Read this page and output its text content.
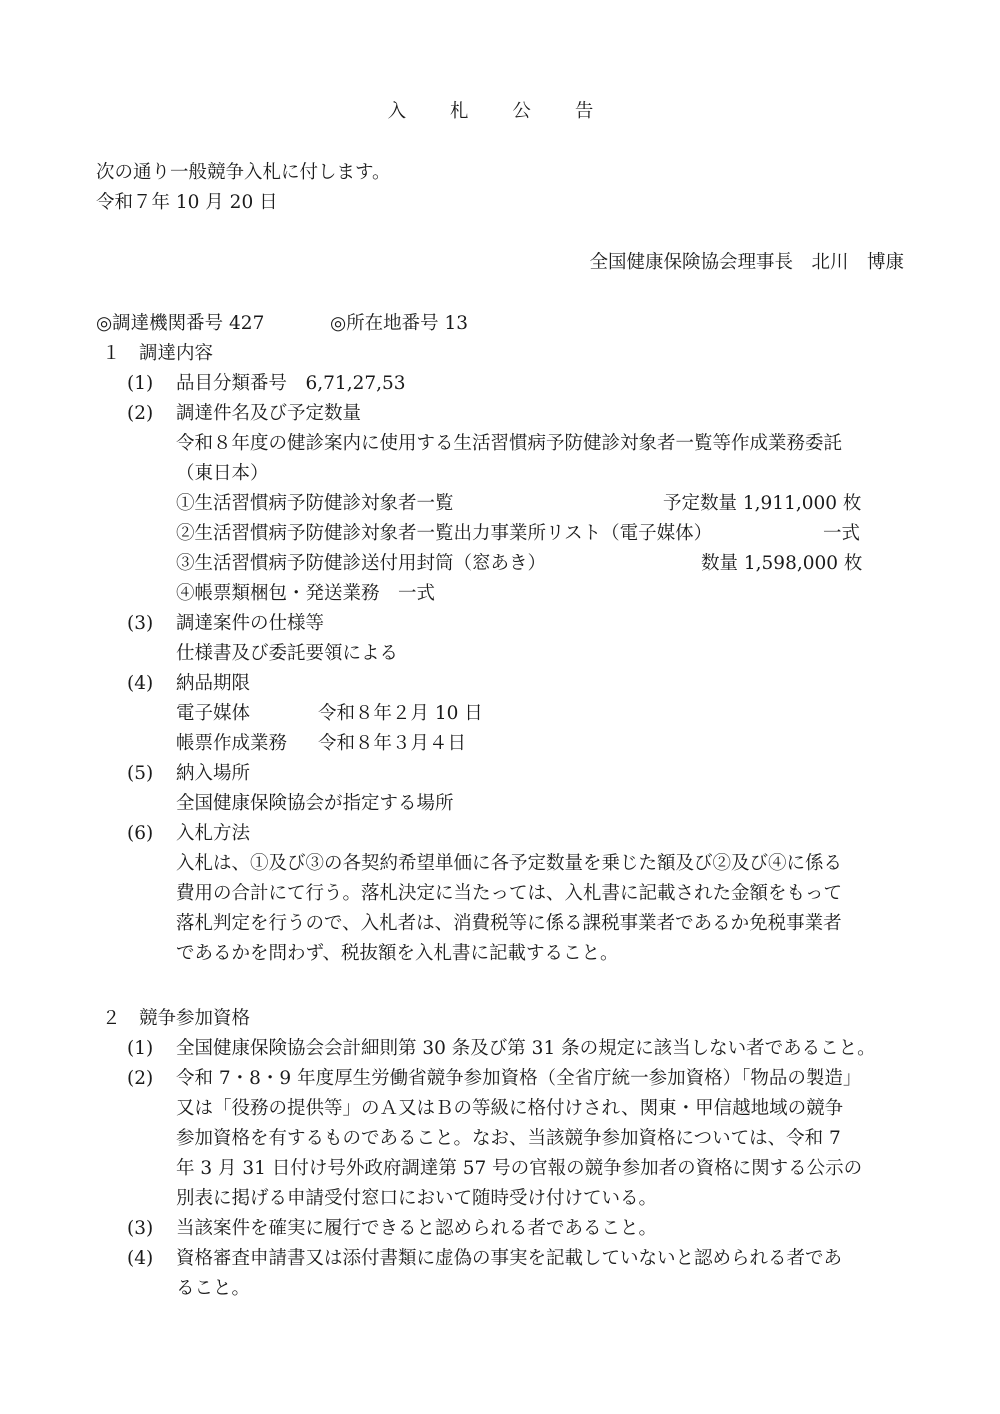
入 札 公 告
次の通り一般競争入札に付します。
令和７年 10 月 20 日
全国健康保険協会理事長　北川　博康
◎調達機関番号 427	◎所在地番号 13
１　調達内容
(1) 品目分類番号　6,71,27,53
(2) 調達件名及び予定数量
令和８年度の健診案内に使用する生活習慣病予防健診対象者一覧等作成業務委託
（東日本）
①生活習慣病予防健診対象者一覧	予定数量 1,911,000 枚
②生活習慣病予防健診対象者一覧出力事業所リスト（電子媒体）	一式
③生活習慣病予防健診送付用封筒（窓あき）	数量 1,598,000 枚
④帳票類梱包・発送業務　一式
(3) 調達案件の仕様等
仕様書及び委託要領による
(4) 納品期限
電子媒体	令和８年２月 10 日
帳票作成業務 令和８年３月４日
(5) 納入場所
全国健康保険協会が指定する場所
(6) 入札方法
入札は、①及び③の各契約希望単価に各予定数量を乗じた額及び②及び④に係る
費用の合計にて行う。落札決定に当たっては、入札書に記載された金額をもって
落札判定を行うので、入札者は、消費税等に係る課税事業者であるか免税事業者
であるかを問わず、税抜額を入札書に記載すること。
２　競争参加資格
(1) 全国健康保険協会会計細則第 30 条及び第 31 条の規定に該当しない者であること。
(2) 令和 7・8・9 年度厚生労働省競争参加資格（全省庁統一参加資格）「物品の製造」
又は「役務の提供等」のＡ又はＢの等級に格付けされ、関東・甲信越地域の競争
参加資格を有するものであること。なお、当該競争参加資格については、令和 7
年 3 月 31 日付け号外政府調達第 57 号の官報の競争参加者の資格に関する公示の
別表に掲げる申請受付窓口において随時受け付けている。
(3) 当該案件を確実に履行できると認められる者であること。
(4) 資格審査申請書又は添付書類に虚偽の事実を記載していないと認められる者であ
ること。
